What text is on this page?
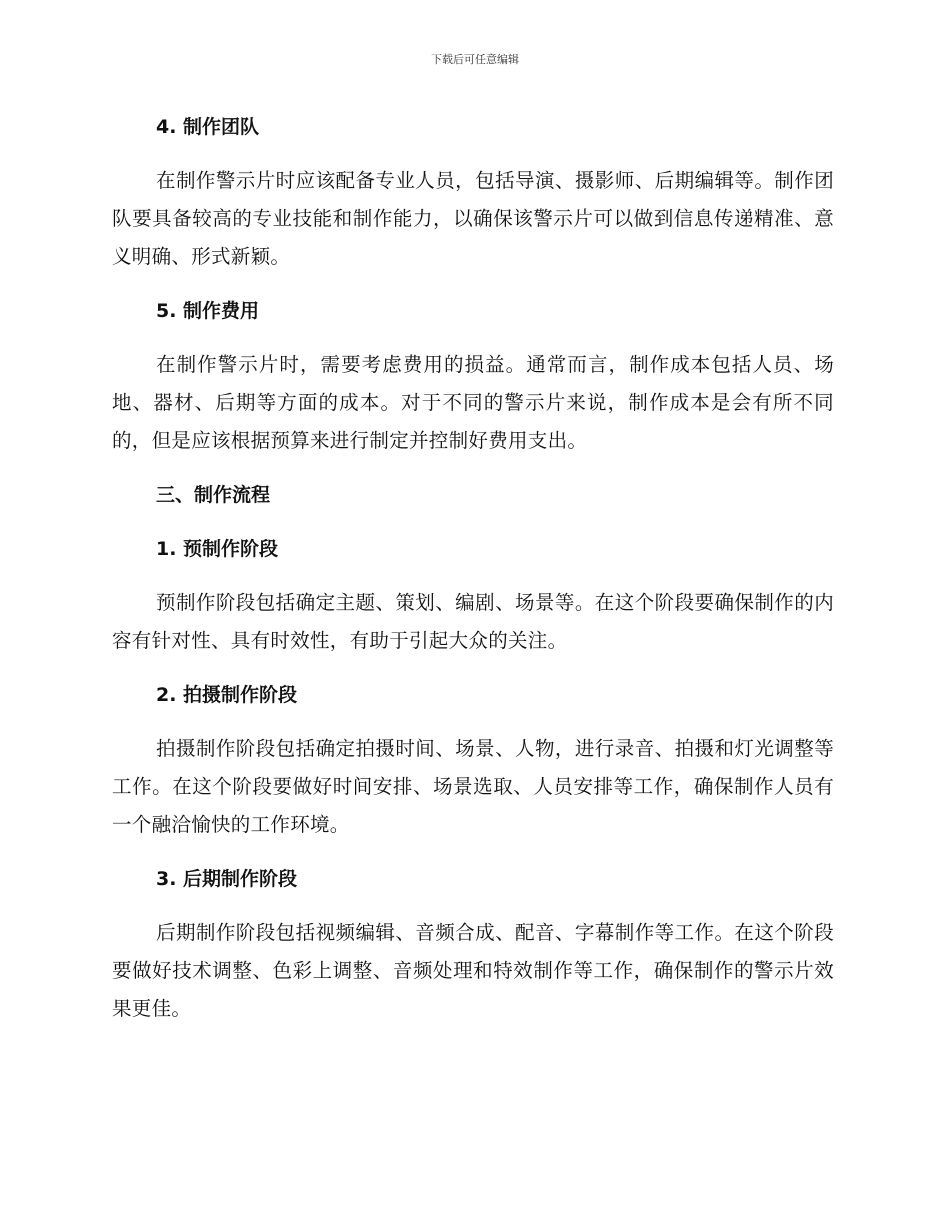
下载后可任意编辑
4. 制作团队

在制作警示片时应该配备专业人员，包括导演、摄影师、后期编辑等。制作团队要具备较高的专业技能和制作能力，以确保该警示片可以做到信息传递精准、意义明确、形式新颖。

5. 制作费用

在制作警示片时，需要考虑费用的损益。通常而言，制作成本包括人员、场地、器材、后期等方面的成本。对于不同的警示片来说，制作成本是会有所不同的，但是应该根据预算来进行制定并控制好费用支出。

三、制作流程
1. 预制作阶段

预制作阶段包括确定主题、策划、编剧、场景等。在这个阶段要确保制作的内容有针对性、具有时效性，有助于引起大众的关注。

2. 拍摄制作阶段

拍摄制作阶段包括确定拍摄时间、场景、人物，进行录音、拍摄和灯光调整等工作。在这个阶段要做好时间安排、场景选取、人员安排等工作，确保制作人员有一个融洽愉快的工作环境。

3. 后期制作阶段

后期制作阶段包括视频编辑、音频合成、配音、字幕制作等工作。在这个阶段要做好技术调整、色彩上调整、音频处理和特效制作等工作，确保制作的警示片效果更佳。
